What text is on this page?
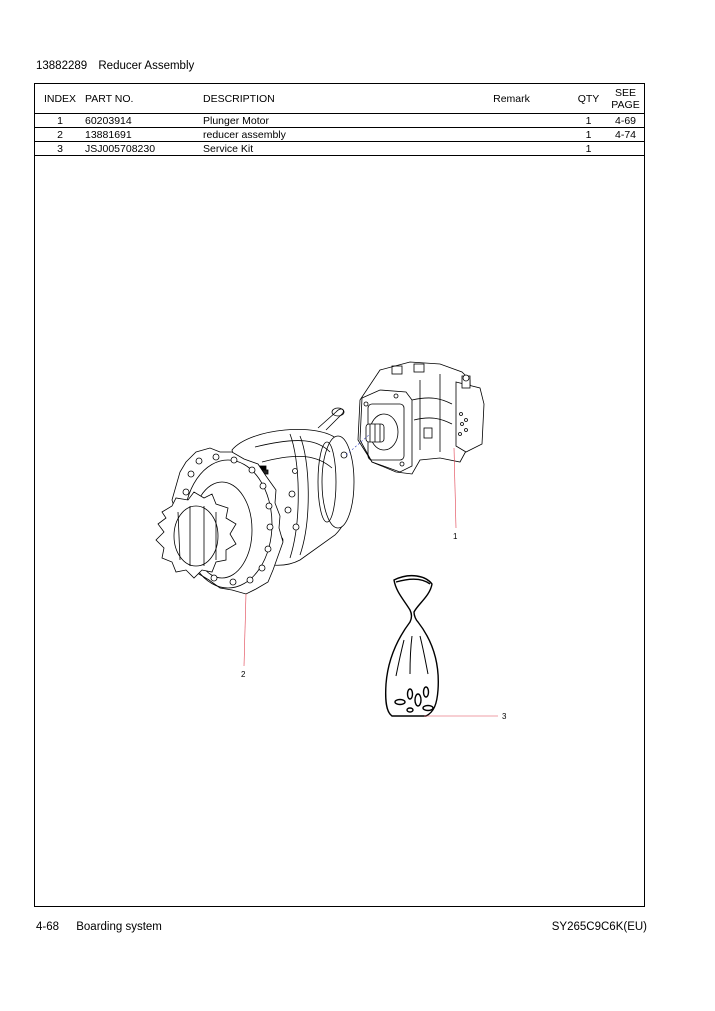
13882289 Reducer Assembly
INDEX	PART NO.	DESCRIPTION	Remark	QTY	SEE
PAGE

1	60203914	Plunger Motor		1	4-69
2	13881691	reducer assembly		1	4-74
3	JSJ005708230	Service Kit		1	
1
2
3
4-68 Boarding system	SY265C9C6K(EU)
